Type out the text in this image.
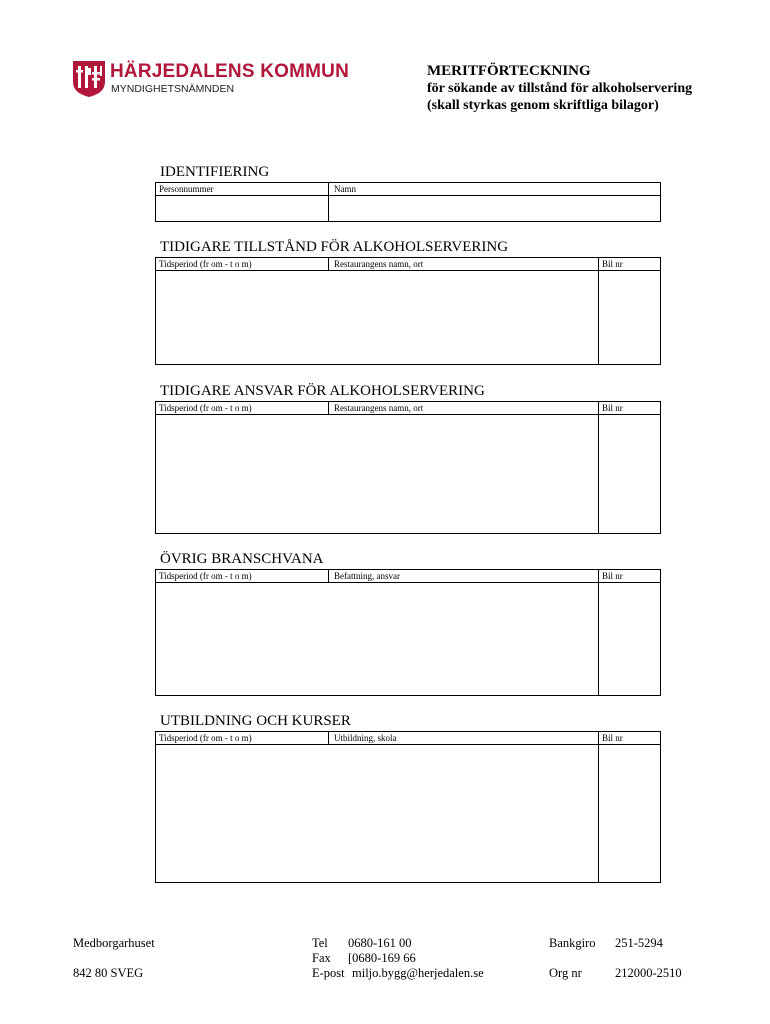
HÄRJEDALENS KOMMUN
MYNDIGHETSNÄMNDEN
MERITFÖRTECKNING
för sökande av tillstånd för alkoholservering
(skall styrkas genom skriftliga bilagor)
IDENTIFIERING
Personnummer	Namn
TIDIGARE TILLSTÅND FÖR ALKOHOLSERVERING
Tidsperiod (fr om - t o m)	Restaurangens namn, ort	Bil nr
TIDIGARE ANSVAR FÖR ALKOHOLSERVERING
Tidsperiod (fr om - t o m)	Restaurangens namn, ort	Bil nr
ÖVRIG BRANSCHVANA
Tidsperiod (fr om - t o m)	Befattning, ansvar	Bil nr
UTBILDNING OCH KURSER
Tidsperiod (fr om - t o m)	Utbildning, skola	Bil nr
Medborgarhuset
842 80 SVEG
Tel 0680-161 00
Fax [0680-169 66
E-post miljo.bygg@herjedalen.se
Bankgiro 251-5294
Org nr	212000-2510
